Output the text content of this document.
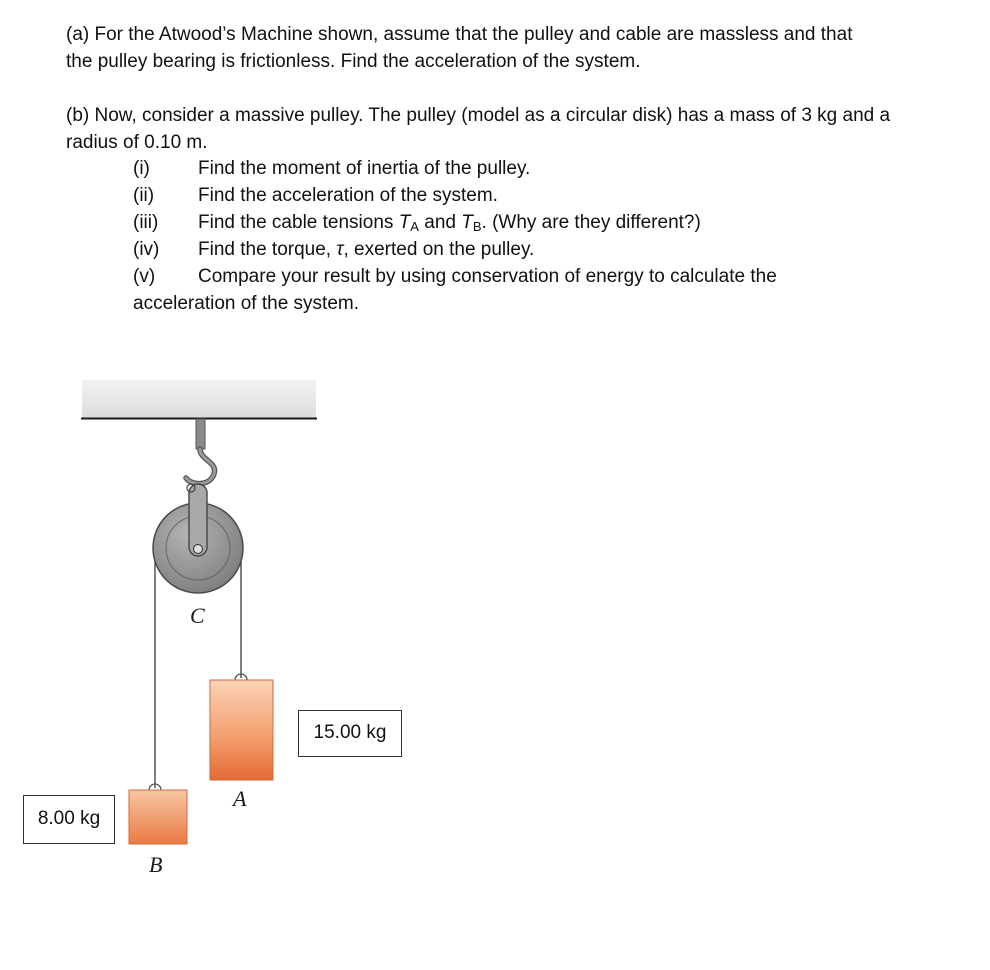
(a) For the Atwood’s Machine shown, assume that the pulley and cable are massless and that
the pulley bearing is frictionless. Find the acceleration of the system.
(b) Now, consider a massive pulley. The pulley (model as a circular disk) has a mass of 3 kg and a
radius of 0.10 m.
(i)	Find the moment of inertia of the pulley.
(ii) Find the acceleration of the system.
(iii) Find the cable tensions $T_A$ and $T_B$. (Why are they different?)
(iv) Find the torque, τ, exerted on the pulley.
(v) Compare your result by using conservation of energy to calculate the
acceleration of the system.
C
A
B
15.00 kg
8.00 kg
